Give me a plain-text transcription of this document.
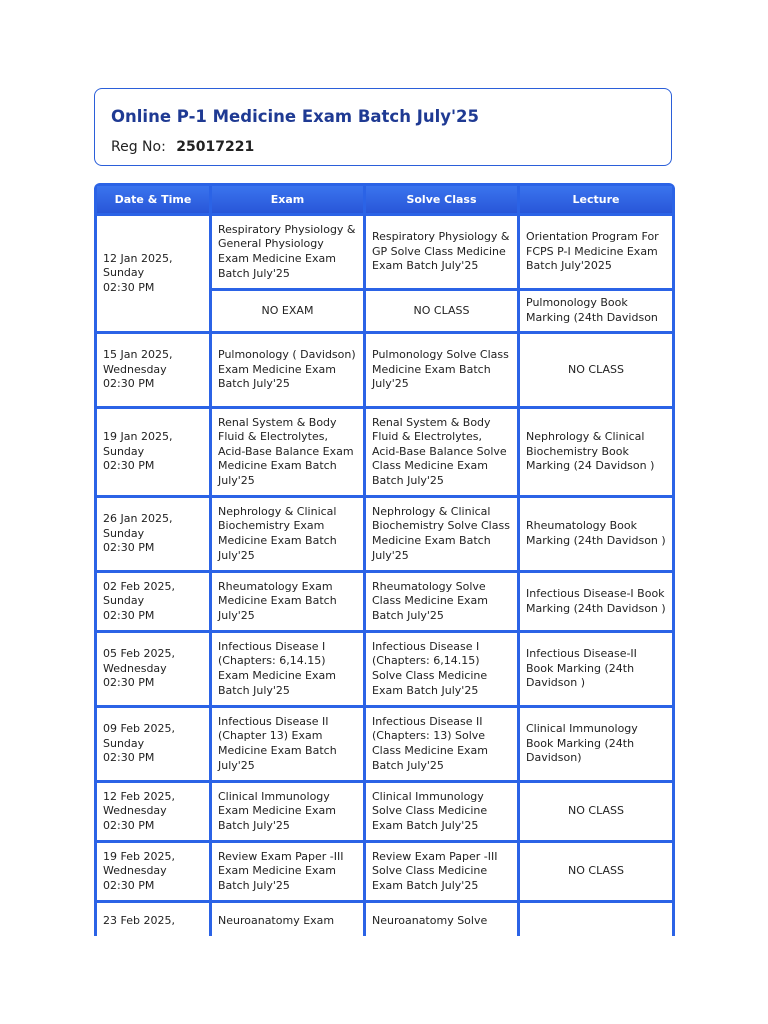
Online P-1 Medicine Exam Batch July'25
Reg No: 25017221
Date & Time	Exam	Solve Class	Lecture
12 Jan 2025,
Sunday
02:30 PM	Respiratory Physiology & General Physiology Exam Medicine Exam Batch July'25	Respiratory Physiology & GP Solve Class Medicine Exam Batch July'25	Orientation Program For FCPS P-I Medicine Exam Batch July'2025
	NO EXAM	NO CLASS	Pulmonology Book Marking (24th Davidson
15 Jan 2025,
Wednesday
02:30 PM	Pulmonology ( Davidson) Exam Medicine Exam Batch July'25	Pulmonology Solve Class Medicine Exam Batch July'25	NO CLASS
19 Jan 2025,
Sunday
02:30 PM	Renal System & Body Fluid & Electrolytes, Acid-Base Balance Exam Medicine Exam Batch July'25	Renal System & Body Fluid & Electrolytes, Acid-Base Balance Solve Class Medicine Exam Batch July'25	Nephrology & Clinical Biochemistry Book Marking (24 Davidson )
26 Jan 2025,
Sunday
02:30 PM	Nephrology & Clinical Biochemistry Exam Medicine Exam Batch July'25	Nephrology & Clinical Biochemistry Solve Class Medicine Exam Batch July'25	Rheumatology Book Marking (24th Davidson )
02 Feb 2025,
Sunday
02:30 PM	Rheumatology Exam Medicine Exam Batch July'25	Rheumatology Solve Class Medicine Exam Batch July'25	Infectious Disease-I Book Marking (24th Davidson )
05 Feb 2025,
Wednesday
02:30 PM	Infectious Disease I (Chapters: 6,14.15) Exam Medicine Exam Batch July'25	Infectious Disease I (Chapters: 6,14.15) Solve Class Medicine Exam Batch July'25	Infectious Disease-II Book Marking (24th Davidson )
09 Feb 2025,
Sunday
02:30 PM	Infectious Disease II (Chapter 13) Exam Medicine Exam Batch July'25	Infectious Disease II (Chapters: 13) Solve Class Medicine Exam Batch July'25	Clinical Immunology Book Marking (24th Davidson)
12 Feb 2025,
Wednesday
02:30 PM	Clinical Immunology Exam Medicine Exam Batch July'25	Clinical Immunology Solve Class Medicine Exam Batch July'25	NO CLASS
19 Feb 2025,
Wednesday
02:30 PM	Review Exam Paper -III Exam Medicine Exam Batch July'25	Review Exam Paper -III Solve Class Medicine Exam Batch July'25	NO CLASS
23 Feb 2025,	Neuroanatomy Exam	Neuroanatomy Solve	
